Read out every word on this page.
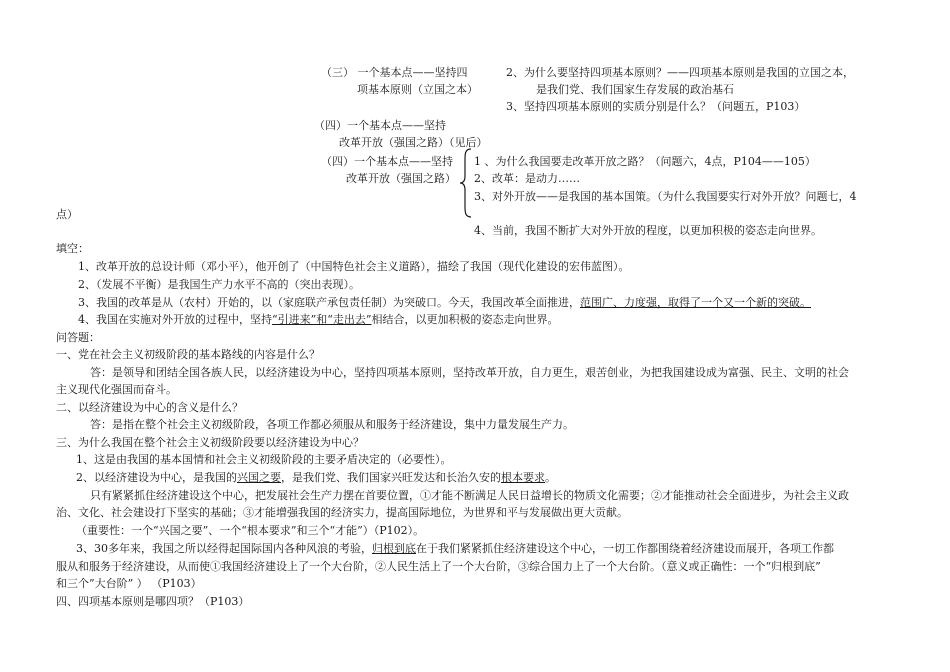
（三） 一个基本点——坚持四
项基本原则（立国之本）
2、为什么要坚持四项基本原则？——四项基本原则是我国的立国之本，
是我们党、我们国家生存发展的政治基石
3、坚持四项基本原则的实质分别是什么？（问题五，P103）
（四）一个基本点——坚持
改革开放（强国之路）（见后）
（四）一个基本点——坚持
改革开放（强国之路）
1 、为什么我国要走改革开放之路？（问题六，4点，P104——105）
2、改革：是动力……
3、对外开放——是我国的基本国策。（为什么我国要实行对外开放？问题七，4
点）
4、当前，我国不断扩大对外开放的程度，以更加积极的姿态走向世界。
填空：
1、改革开放的总设计师（邓小平），他开创了（中国特色社会主义道路），描绘了我国（现代化建设的宏伟蓝图）。
2、（发展不平衡）是我国生产力水平不高的（突出表现）。
3、我国的改革是从（农村）开始的，以（家庭联产承包责任制）为突破口。今天，我国改革全面推进，范围广、力度强，取得了一个又一个新的突破。
4、我国在实施对外开放的过程中，坚持“引进来”和“走出去”相结合，以更加积极的姿态走向世界。
问答题：
一、党在社会主义初级阶段的基本路线的内容是什么？
答：是领导和团结全国各族人民，以经济建设为中心，坚持四项基本原则，坚持改革开放，自力更生，艰苦创业，为把我国建设成为富强、民主、文明的社会
主义现代化强国而奋斗。
二、以经济建设为中心的含义是什么？
答：是指在整个社会主义初级阶段，各项工作都必须服从和服务于经济建设，集中力量发展生产力。
三、为什么我国在整个社会主义初级阶段要以经济建设为中心？
1、这是由我国的基本国情和社会主义初级阶段的主要矛盾决定的（必要性）。
2、以经济建设为中心，是我国的兴国之要，是我们党、我们国家兴旺发达和长治久安的根本要求。
只有紧紧抓住经济建设这个中心，把发展社会生产力摆在首要位置，①才能不断满足人民日益增长的物质文化需要；②才能推动社会全面进步，为社会主义政
治、文化、社会建设打下坚实的基础；③才能增强我国的经济实力，提高国际地位，为世界和平与发展做出更大贡献。
（重要性：一个“兴国之要”、一个“根本要求”和三个“才能”）（P102）。
3、30多年来，我国之所以经得起国际国内各种风浪的考验，归根到底在于我们紧紧抓住经济建设这个中心，一切工作都围绕着经济建设而展开，各项工作都
服从和服务于经济建设，从而使①我国经济建设上了一个大台阶，②人民生活上了一个大台阶，③综合国力上了一个大台阶。（意义或正确性：一个“归根到底”
和三个”大台阶” ） （P103）
四、四项基本原则是哪四项？（P103）
